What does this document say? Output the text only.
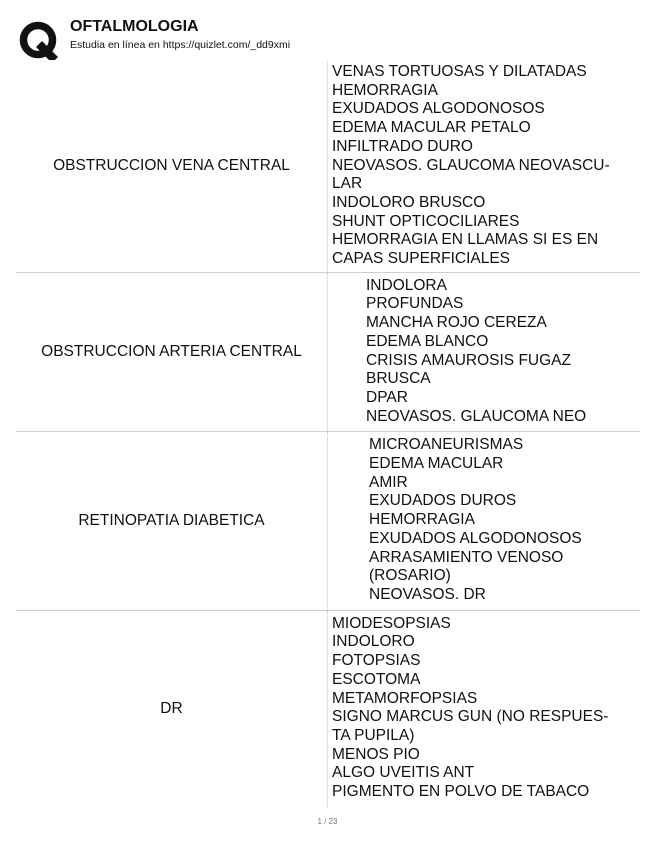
OFTALMOLOGIA
Estudia en línea en https://quizlet.com/_dd9xmi
OBSTRUCCION VENA CENTRAL
VENAS TORTUOSAS Y DILATADAS
HEMORRAGIA
EXUDADOS ALGODONOSOS
EDEMA MACULAR PETALO
INFILTRADO DURO
NEOVASOS. GLAUCOMA NEOVASCU-
LAR
INDOLORO BRUSCO
SHUNT OPTICOCILIARES
HEMORRAGIA EN LLAMAS SI ES EN
CAPAS SUPERFICIALES
OBSTRUCCION ARTERIA CENTRAL
INDOLORA
PROFUNDAS
MANCHA ROJO CEREZA
EDEMA BLANCO
CRISIS AMAUROSIS FUGAZ
BRUSCA
DPAR
NEOVASOS. GLAUCOMA NEO
RETINOPATIA DIABETICA
MICROANEURISMAS
EDEMA MACULAR
AMIR
EXUDADOS DUROS
HEMORRAGIA
EXUDADOS ALGODONOSOS
ARRASAMIENTO VENOSO
(ROSARIO)
NEOVASOS. DR
DR
MIODESOPSIAS
INDOLORO
FOTOPSIAS
ESCOTOMA
METAMORFOPSIAS
SIGNO MARCUS GUN (NO RESPUES-
TA PUPILA)
MENOS PIO
ALGO UVEITIS ANT
PIGMENTO EN POLVO DE TABACO
1 / 23
